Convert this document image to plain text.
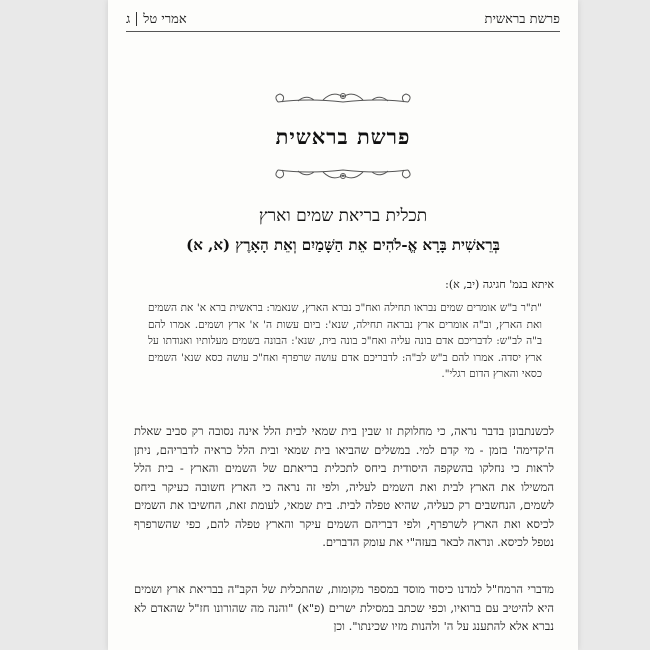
פרשת בראשית
אמרי טל
ג
פרשת בראשית
תכלית בריאת שמים וארץ
בְּרֵאשִׁית בָּרָא אֱ-לֹהִים אֵת הַשָּׁמַיִם וְאֵת הָאָרֶץ (א, א)
איתא בגמ' חגיגה (יב, א):
"ת"ר ב"ש אומרים שמים נבראו תחילה ואח"כ נברא הארץ, שנאמר: בראשית ברא א' את השמים ואת הארץ, וב"ה אומרים ארץ נבראה תחילה, שנא': ביום עשות ה' א' ארץ ושמים. אמרו להם ב"ה לב"ש: לדבריכם אדם בונה עליה ואח"כ בונה בית, שנא': הבונה בשמים מעלותיו ואגודתו על ארץ יסדה. אמרו להם ב"ש לב"ה: לדבריכם אדם עושה שרפרף ואח"כ עושה כסא שנא' השמים כסאי והארץ הדום רגלי".
לכשנתבונן בדבר נראה, כי מחלוקת זו שבין בית שמאי לבית הלל אינה נסובה רק סביב שאלת ה'קדימה' בזמן - מי קדם למי. במשלים שהביאו בית שמאי ובית הלל כראיה לדבריהם, ניתן לראות כי נחלקו בהשקפה היסודית ביחס לתכלית בריאתם של השמים והארץ - בית הלל המשילו את הארץ לבית ואת השמים לעליה, ולפי זה נראה כי הארץ חשובה כעיקר ביחס לשמים, הנחשבים רק כעליה, שהיא טפלה לבית. בית שמאי, לעומת זאת, החשיבו את השמים לכיסא ואת הארץ לשרפרף, ולפי דבריהם השמים עיקר והארץ טפלה להם, כפי שהשרפרף נטפל לכיסא. ונראה לבאר בעזה"י את עומק הדברים.
מדברי הרמח"ל למדנו כיסוד מוסד במספר מקומות, שהתכלית של הקב"ה בבריאת ארץ ושמים היא להיטיב עם ברואיו, וכפי שכתב במסילת ישרים (פ"א) "והנה מה שהורונו חז"ל שהאדם לא נברא אלא להתענג על ה' ולהנות מזיו שכינתו". וכן
